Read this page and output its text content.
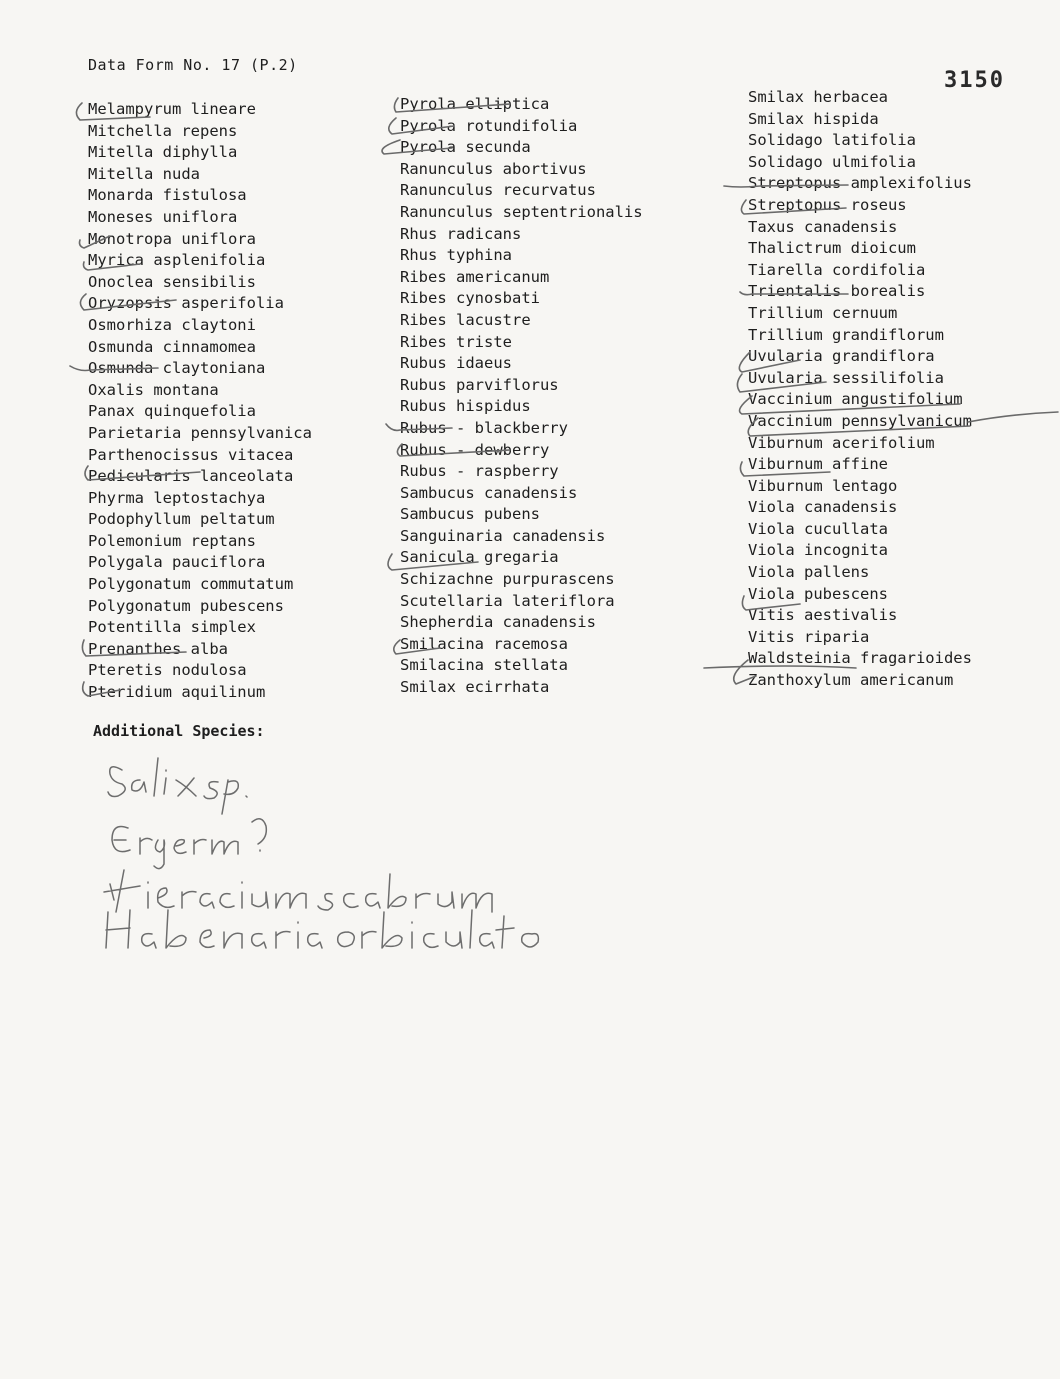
Data Form No. 17 (P.2)
3150
Melampyrum lineare
Mitchella repens
Mitella diphylla
Mitella nuda
Monarda fistulosa
Moneses uniflora
Monotropa uniflora
Myrica asplenifolia
Onoclea sensibilis
Oryzopsis asperifolia
Osmorhiza claytoni
Osmunda cinnamomea
Osmunda claytoniana
Oxalis montana
Panax quinquefolia
Parietaria pennsylvanica
Parthenocissus vitacea
Pedicularis lanceolata
Phyrma leptostachya
Podophyllum peltatum
Polemonium reptans
Polygala pauciflora
Polygonatum commutatum
Polygonatum pubescens
Potentilla simplex
Prenanthes alba
Pteretis nodulosa
Pteridium aquilinum
Pyrola elliptica
Pyrola rotundifolia
Pyrola secunda
Ranunculus abortivus
Ranunculus recurvatus
Ranunculus septentrionalis
Rhus radicans
Rhus typhina
Ribes americanum
Ribes cynosbati
Ribes lacustre
Ribes triste
Rubus idaeus
Rubus parviflorus
Rubus hispidus
Rubus - blackberry
Rubus - dewberry
Rubus - raspberry
Sambucus canadensis
Sambucus pubens
Sanguinaria canadensis
Sanicula gregaria
Schizachne purpurascens
Scutellaria lateriflora
Shepherdia canadensis
Smilacina racemosa
Smilacina stellata
Smilax ecirrhata
Smilax herbacea
Smilax hispida
Solidago latifolia
Solidago ulmifolia
Streptopus amplexifolius
Streptopus roseus
Taxus canadensis
Thalictrum dioicum
Tiarella cordifolia
Trientalis borealis
Trillium cernuum
Trillium grandiflorum
Uvularia grandiflora
Uvularia sessilifolia
Vaccinium angustifolium
Vaccinium pennsylvanicum
Viburnum acerifolium
Viburnum affine
Viburnum lentago
Viola canadensis
Viola cucullata
Viola incognita
Viola pallens
Viola pubescens
Vitis aestivalis
Vitis riparia
Waldsteinia fragarioides
Zanthoxylum americanum
Additional Species:
